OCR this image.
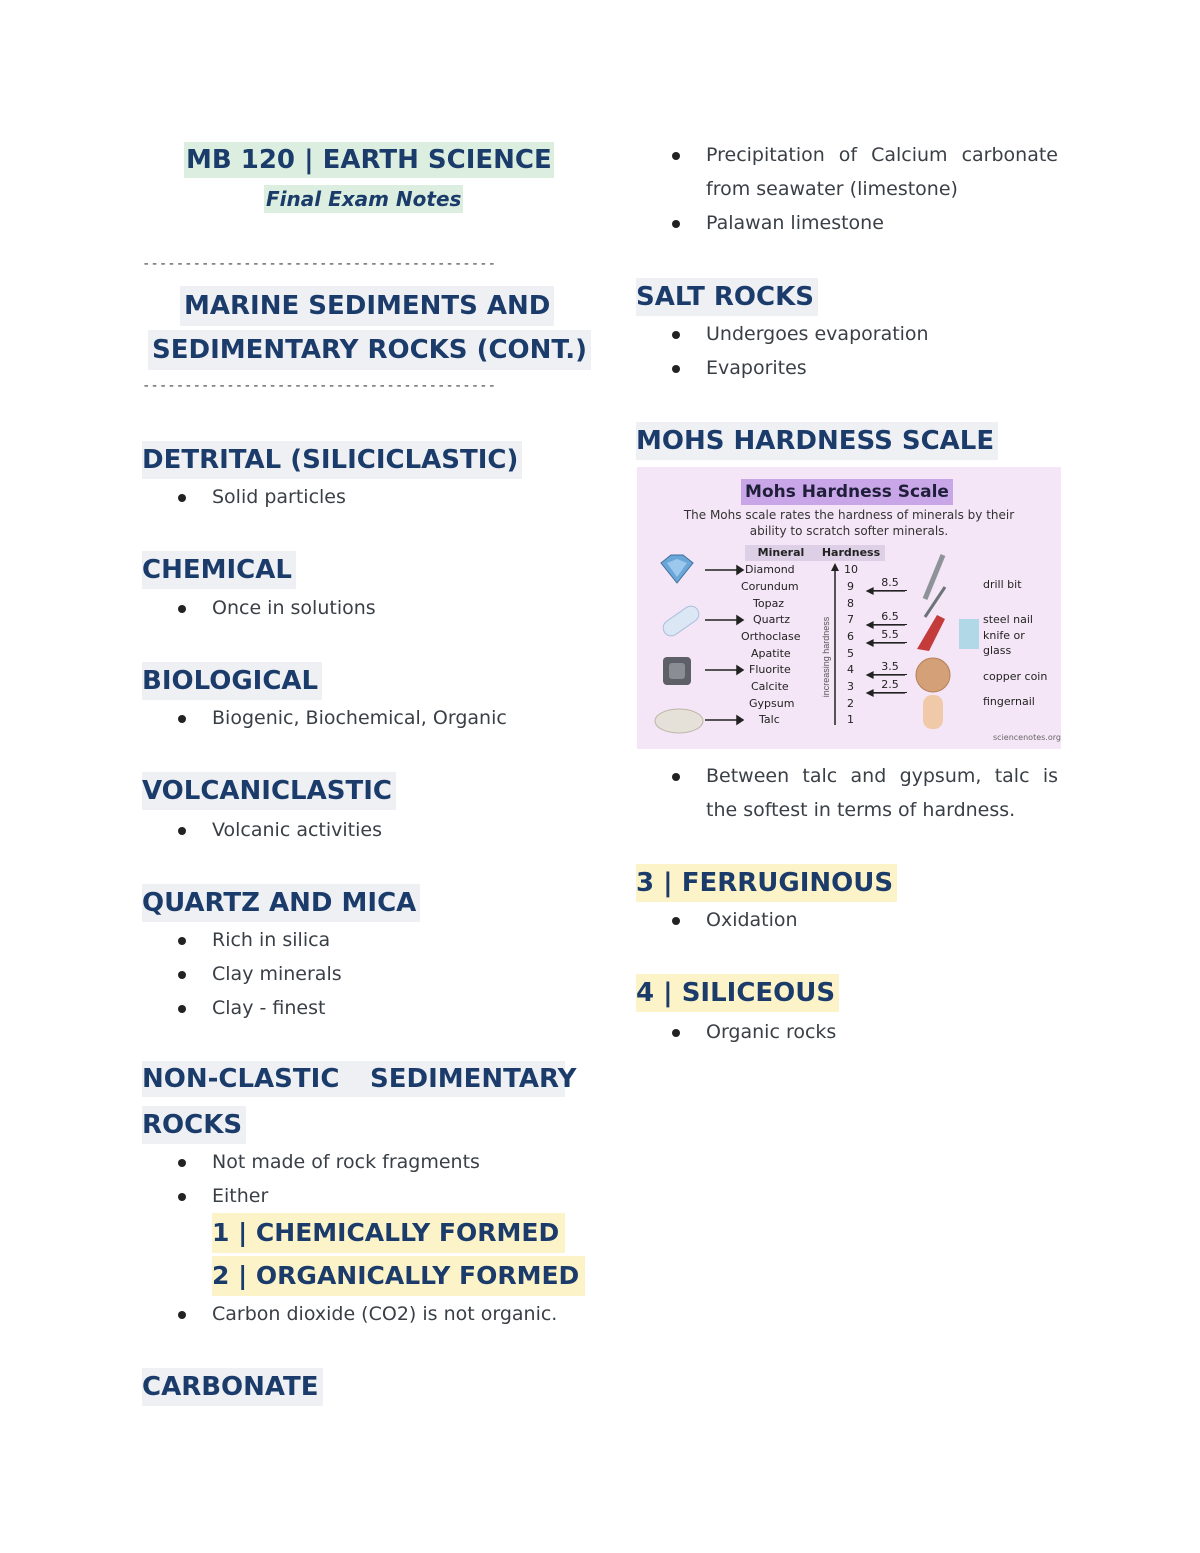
MB 120 | EARTH SCIENCE
Final Exam Notes
------------------------------------------
MARINE SEDIMENTS AND
SEDIMENTARY ROCKS (CONT.)
------------------------------------------
DETRITAL (SILICICLASTIC)
Solid particles
CHEMICAL
Once in solutions
BIOLOGICAL
Biogenic, Biochemical, Organic
VOLCANICLASTIC
Volcanic activities
QUARTZ AND MICA
Rich in silica
Clay minerals
Clay - finest
NON-CLASTIC SEDIMENTARY
ROCKS
Not made of rock fragments
Either
1 | CHEMICALLY FORMED
2 | ORGANICALLY FORMED
Carbon dioxide (CO2) is not organic.
CARBONATE
Precipitation of Calcium carbonate
from seawater (limestone)
Palawan limestone
SALT ROCKS
Undergoes evaporation
Evaporites
MOHS HARDNESS SCALE
Mohs Hardness Scale
The Mohs scale rates the hardness of minerals by their ability to scratch softer minerals.
Mineral	Hardness
increasing hardness
Diamond
Corundum
Topaz
Quartz
Orthoclase
Apatite
Fluorite
Calcite
Gypsum
Talc
10
9
8
7
6
5
4
3
2
1
8.5
6.5
5.5
3.5
2.5
drill bit
steel nail
knife or
glass
copper coin
fingernail
sciencenotes.org
Between talc and gypsum, talc is
the softest in terms of hardness.
3 | FERRUGINOUS
Oxidation
4 | SILICEOUS
Organic rocks
